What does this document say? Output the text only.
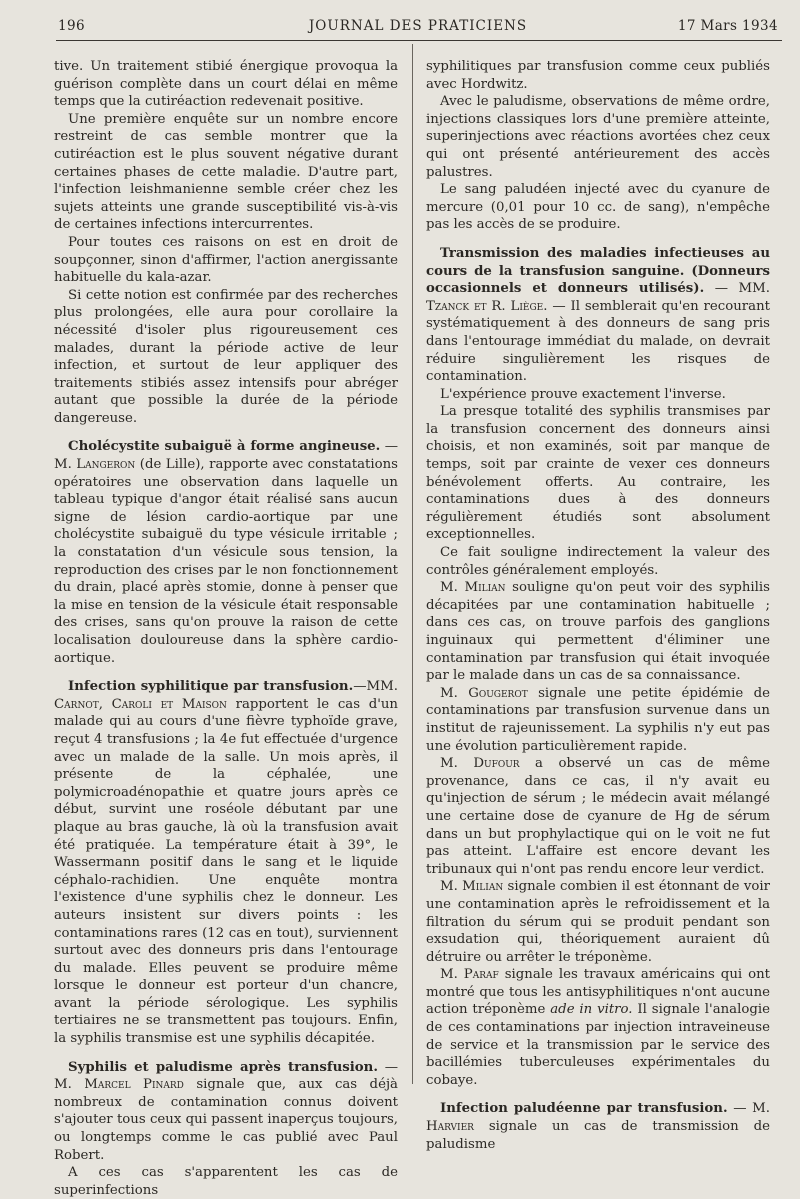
196	JOURNAL DES PRATICIENS	17 Mars 1934

tive. Un traitement stibié énergique provoqua la guérison complète dans un court délai en même temps que la cutiréaction redevenait positive.

Une première enquête sur un nombre encore restreint de cas semble montrer que la cutiréaction est le plus souvent négative durant certaines phases de cette maladie. D'autre part, l'infection leishmanienne semble créer chez les sujets atteints une grande susceptibilité vis-à-vis de certaines infections intercurrentes.

Pour toutes ces raisons on est en droit de soupçonner, sinon d'affirmer, l'action anergissante habituelle du kala-azar.

Si cette notion est confirmée par des recherches plus prolongées, elle aura pour corollaire la nécessité d'isoler plus rigoureusement ces malades, durant la période active de leur infection, et surtout de leur appliquer des traitements stibiés assez intensifs pour abréger autant que possible la durée de la période dangereuse.

Cholécystite subaiguë à forme angineuse. — M. Langeron (de Lille), rapporte avec constatations opératoires une observation dans laquelle un tableau typique d'angor était réalisé sans aucun signe de lésion cardio-aortique par une cholécystite subaiguë du type vésicule irritable ; la constatation d'un vésicule sous tension, la reproduction des crises par le non fonctionnement du drain, placé après stomie, donne à penser que la mise en tension de la vésicule était responsable des crises, sans qu'on prouve la raison de cette localisation douloureuse dans la sphère cardio-aortique.

Infection syphilitique par transfusion.—MM. Carnot, Caroli et Maison rapportent le cas d'un malade qui au cours d'une fièvre typhoïde grave, reçut 4 transfusions ; la 4e fut effectuée d'urgence avec un malade de la salle. Un mois après, il présente de la céphalée, une polymicroadénopathie et quatre jours après ce début, survint une roséole débutant par une plaque au bras gauche, là où la transfusion avait été pratiquée. La température était à 39°, le Wassermann positif dans le sang et le liquide céphalo-rachidien. Une enquête montra l'existence d'une syphilis chez le donneur. Les auteurs insistent sur divers points : les contaminations rares (12 cas en tout), surviennent surtout avec des donneurs pris dans l'entourage du malade. Elles peuvent se produire même lorsque le donneur est porteur d'un chancre, avant la période sérologique. Les syphilis tertiaires ne se transmettent pas toujours. Enfin, la syphilis transmise est une syphilis décapitée.

Syphilis et paludisme après transfusion. — M. Marcel Pinard signale que, aux cas déjà nombreux de contamination connus doivent s'ajouter tous ceux qui passent inaperçus toujours, ou longtemps comme le cas publié avec Paul Robert.

A ces cas s'apparentent les cas de superinfections

syphilitiques par transfusion comme ceux publiés avec Hordwitz.

Avec le paludisme, observations de même ordre, injections classiques lors d'une première atteinte, superinjections avec réactions avortées chez ceux qui ont présenté antérieurement des accès palustres.

Le sang paludéen injecté avec du cyanure de mercure (0,01 pour 10 cc. de sang), n'empêche pas les accès de se produire.

Transmission des maladies infectieuses au cours de la transfusion sanguine. (Donneurs occasionnels et donneurs utilisés). — MM. Tzanck et R. Liège. — Il semblerait qu'en recourant systématiquement à des donneurs de sang pris dans l'entourage immédiat du malade, on devrait réduire singulièrement les risques de contamination.

L'expérience prouve exactement l'inverse.

La presque totalité des syphilis transmises par la transfusion concernent des donneurs ainsi choisis, et non examinés, soit par manque de temps, soit par crainte de vexer ces donneurs bénévolement offerts. Au contraire, les contaminations dues à des donneurs régulièrement étudiés sont absolument exceptionnelles.

Ce fait souligne indirectement la valeur des contrôles généralement employés.

M. Milian souligne qu'on peut voir des syphilis décapitées par une contamination habituelle ; dans ces cas, on trouve parfois des ganglions inguinaux qui permettent d'éliminer une contamination par transfusion qui était invoquée par le malade dans un cas de sa connaissance.

M. Gougerot signale une petite épidémie de contaminations par transfusion survenue dans un institut de rajeunissement. La syphilis n'y eut pas une évolution particulièrement rapide.

M. Dufour a observé un cas de même provenance, dans ce cas, il n'y avait eu qu'injection de sérum ; le médecin avait mélangé une certaine dose de cyanure de Hg de sérum dans un but prophylactique qui on le voit ne fut pas atteint. L'affaire est encore devant les tribunaux qui n'ont pas rendu encore leur verdict.

M. Milian signale combien il est étonnant de voir une contamination après le refroidissement et la filtration du sérum qui se produit pendant son exsudation qui, théoriquement auraient dû détruire ou arrêter le tréponème.

M. Paraf signale les travaux américains qui ont montré que tous les antisyphilitiques n'ont aucune action tréponème ade in vitro. Il signale l'analogie de ces contaminations par injection intraveineuse de service et la transmission par le service des bacillémies tuberculeuses expérimentales du cobaye.

Infection paludéenne par transfusion. — M. Harvier signale un cas de transmission de paludisme
